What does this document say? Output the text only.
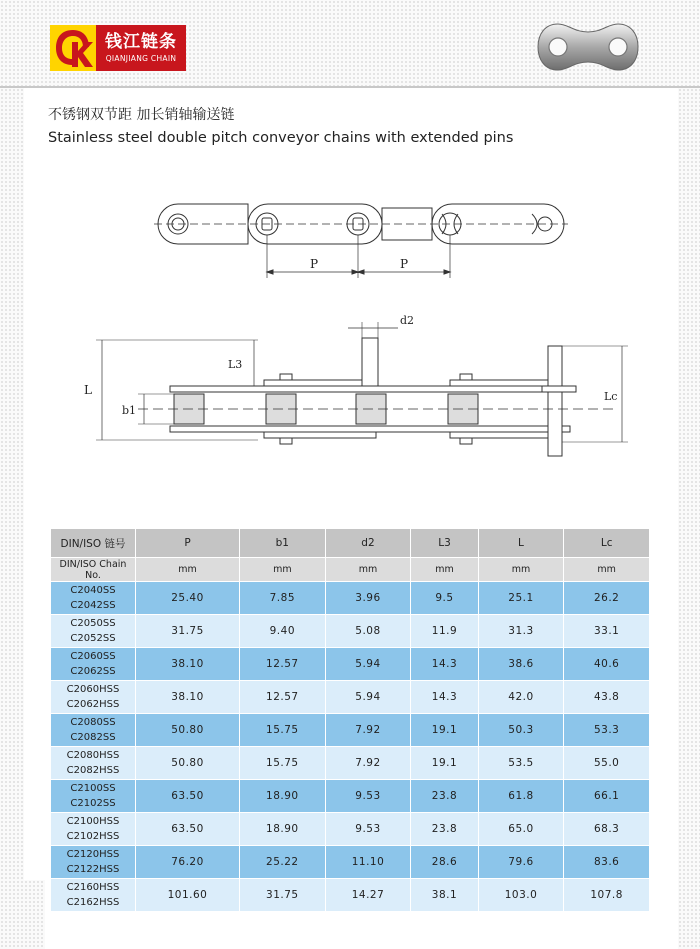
钱江链条
QIANJIANG CHAIN
不锈钢双节距 加长销轴输送链
Stainless steel double pitch conveyor chains with extended pins
P	P
L
b1
L3
d2
Lc
DIN/ISO 链号	P	b1	d2	L3	L	Lc
DIN/ISO Chain No.	mm	mm	mm	mm	mm	mm

C2040SS
C2042SS	25.40	7.85	3.96	9.5	25.1	26.2

C2050SS
C2052SS	31.75	9.40	5.08	11.9	31.3	33.1

C2060SS
C2062SS	38.10	12.57	5.94	14.3	38.6	40.6

C2060HSS
C2062HSS	38.10	12.57	5.94	14.3	42.0	43.8

C2080SS
C2082SS	50.80	15.75	7.92	19.1	50.3	53.3

C2080HSS
C2082HSS	50.80	15.75	7.92	19.1	53.5	55.0

C2100SS
C2102SS	63.50	18.90	9.53	23.8	61.8	66.1

C2100HSS
C2102HSS	63.50	18.90	9.53	23.8	65.0	68.3

C2120HSS
C2122HSS	76.20	25.22	11.10	28.6	79.6	83.6

C2160HSS
C2162HSS	101.60	31.75	14.27	38.1	103.0	107.8
